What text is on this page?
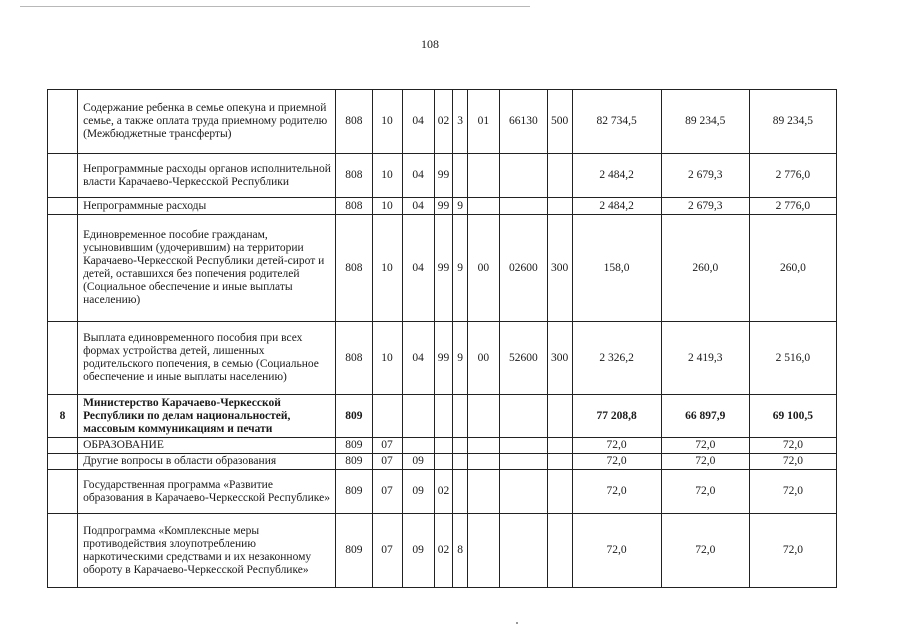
108
	Содержание ребенка в семье опекуна и приемной семье, а также оплата труда приемному родителю (Межбюджетные трансферты)	808	10	04	02	3	01	66130	500	82 734,5	89 234,5	89 234,5
	Непрограммные расходы органов исполнительной власти Карачаево-Черкесской Республики	808	10	04	99					2 484,2	2 679,3	2 776,0
	Непрограммные расходы	808	10	04	99	9				2 484,2	2 679,3	2 776,0
	Единовременное пособие гражданам, усыновившим (удочерившим) на территории Карачаево-Черкесской Республики детей-сирот и детей, оставшихся без попечения родителей (Социальное обеспечение и иные выплаты населению)	808	10	04	99	9	00	02600	300	158,0	260,0	260,0
	Выплата единовременного пособия при всех формах устройства детей, лишенных родительского попечения, в семью (Социальное обеспечение и иные выплаты населению)	808	10	04	99	9	00	52600	300	2 326,2	2 419,3	2 516,0
8	Министерство Карачаево-Черкесской Республики по делам национальностей, массовым коммуникациям и печати	809								77 208,8	66 897,9	69 100,5
	ОБРАЗОВАНИЕ	809	07							72,0	72,0	72,0
	Другие вопросы в области образования	809	07	09						72,0	72,0	72,0
	Государственная программа «Развитие образования в Карачаево-Черкесской Республике»	809	07	09	02					72,0	72,0	72,0
	Подпрограмма «Комплексные меры противодействия злоупотреблению наркотическими средствами и их незаконному обороту в Карачаево-Черкесской Республике»	809	07	09	02	8				72,0	72,0	72,0
